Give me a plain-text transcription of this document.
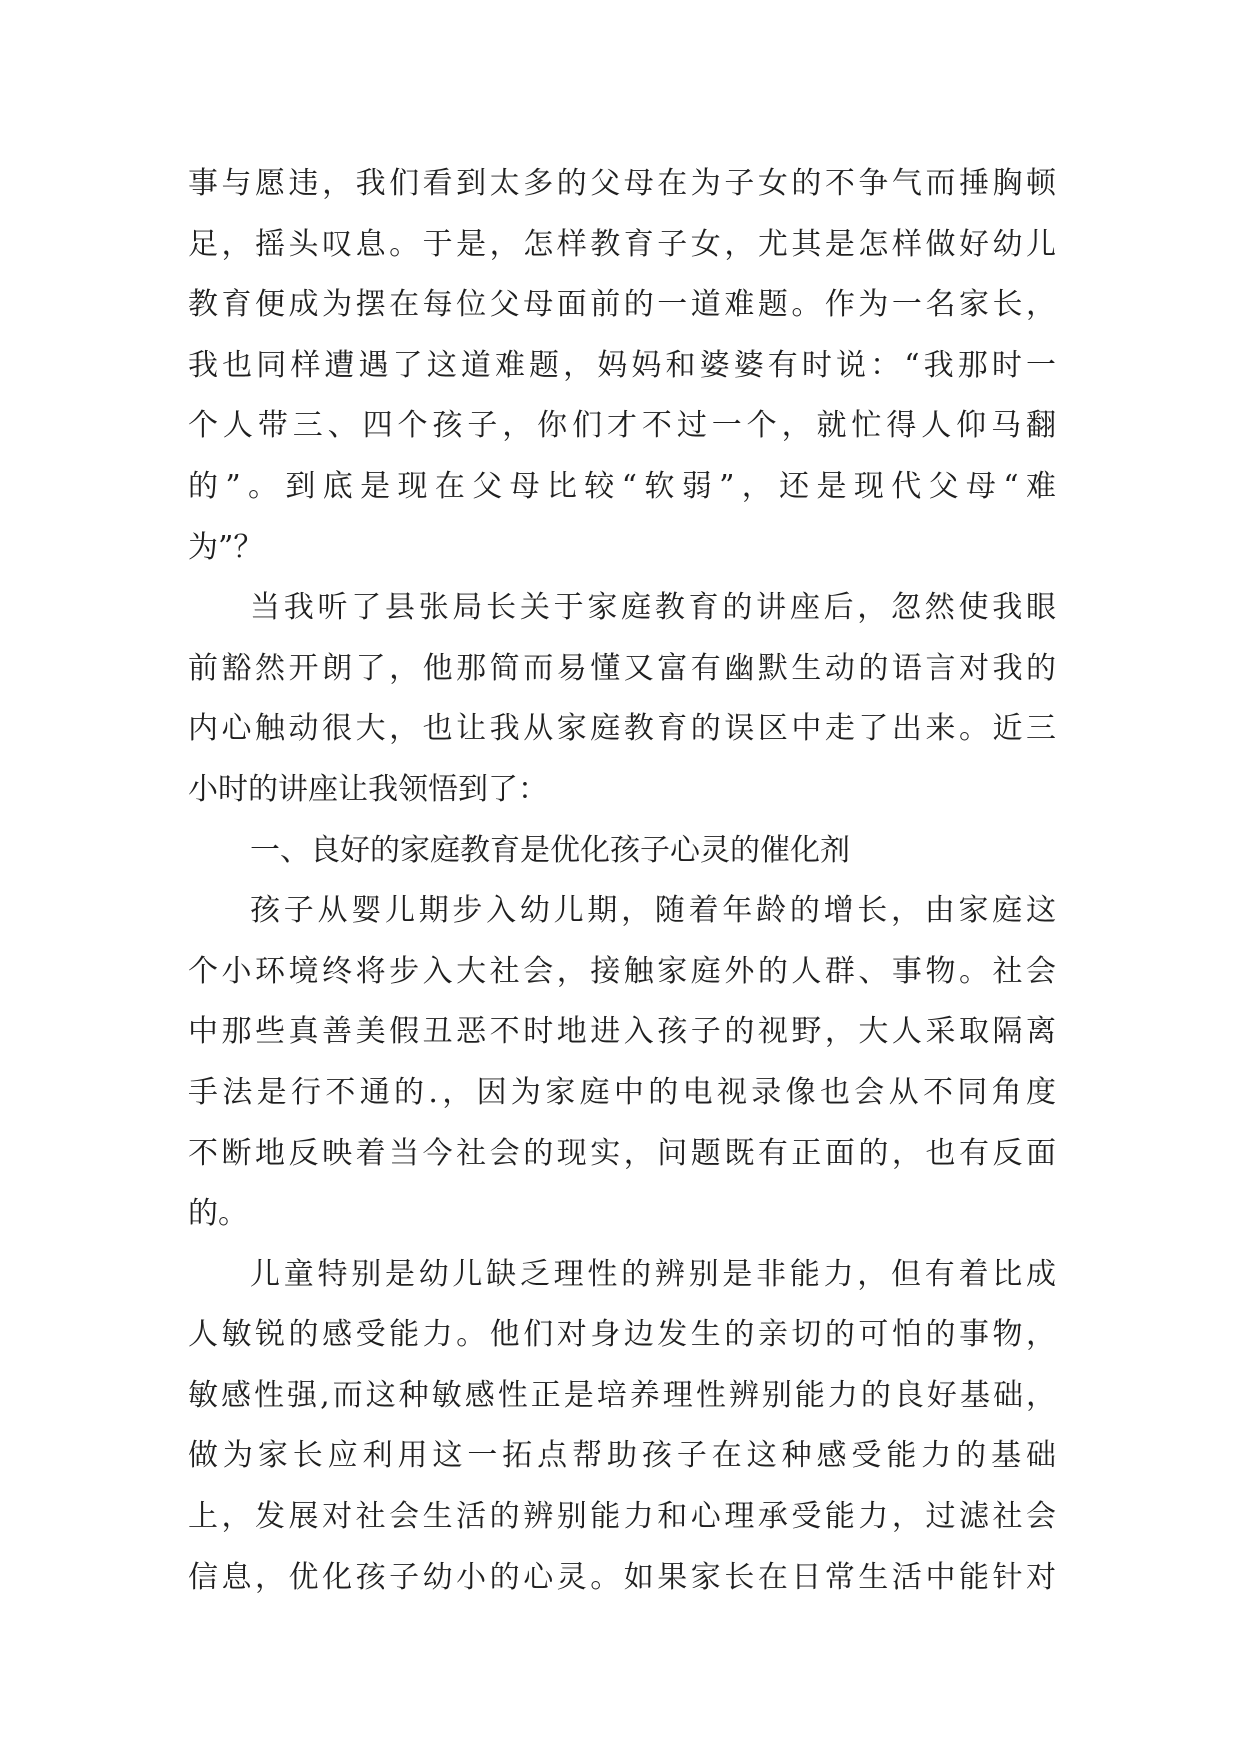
事与愿违，我们看到太多的父母在为子女的不争气而捶胸顿
足，摇头叹息。于是，怎样教育子女，尤其是怎样做好幼儿
教育便成为摆在每位父母面前的一道难题。作为一名家长，
我也同样遭遇了这道难题，妈妈和婆婆有时说：“我那时一
个人带三、四个孩子，你们才不过一个，就忙得人仰马翻
的”。到底是现在父母比较“软弱”，还是现代父母“难
为”？
当我听了县张局长关于家庭教育的讲座后，忽然使我眼
前豁然开朗了，他那简而易懂又富有幽默生动的语言对我的
内心触动很大，也让我从家庭教育的误区中走了出来。近三
小时的讲座让我领悟到了：
一、良好的家庭教育是优化孩子心灵的催化剂
孩子从婴儿期步入幼儿期，随着年龄的增长，由家庭这
个小环境终将步入大社会，接触家庭外的人群、事物。社会
中那些真善美假丑恶不时地进入孩子的视野，大人采取隔离
手法是行不通的.，因为家庭中的电视录像也会从不同角度
不断地反映着当今社会的现实，问题既有正面的，也有反面
的。
儿童特别是幼儿缺乏理性的辨别是非能力，但有着比成
人敏锐的感受能力。他们对身边发生的亲切的可怕的事物，
敏感性强,而这种敏感性正是培养理性辨别能力的良好基础，
做为家长应利用这一拓点帮助孩子在这种感受能力的基础
上，发展对社会生活的辨别能力和心理承受能力，过滤社会
信息，优化孩子幼小的心灵。如果家长在日常生活中能针对
